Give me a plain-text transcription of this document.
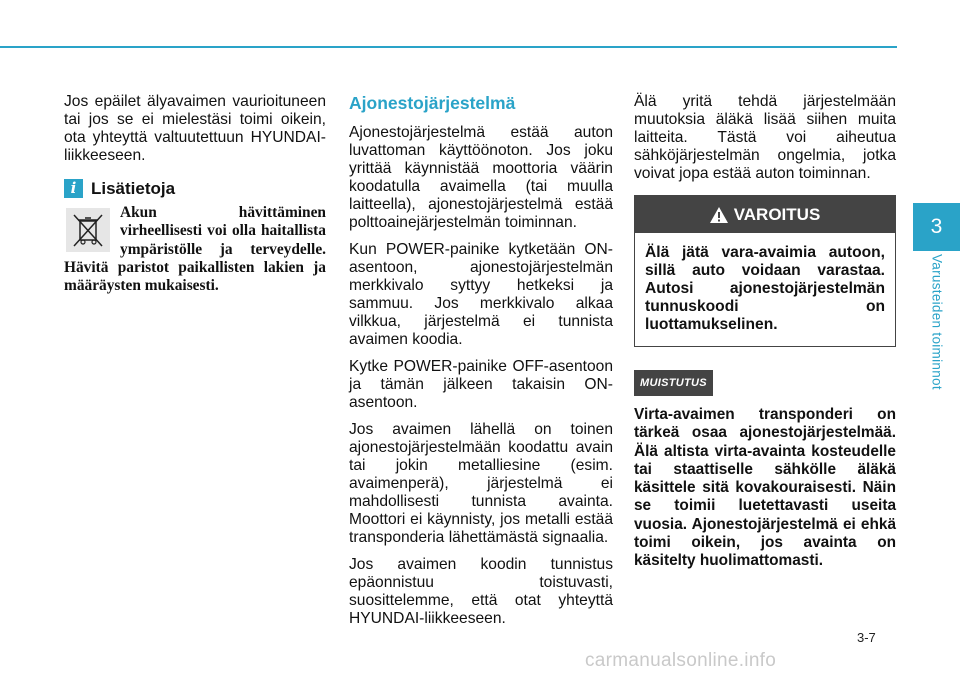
Jos epäilet älyavaimen vaurioituneen tai jos se ei mielestäsi toimi oikein, ota yhteyttä valtuutettuun HYUNDAI-liikkeeseen.

i Lisätietoja
Akun hävittäminen virheellisesti voi olla haitallista ympäristölle ja terveydelle. Hävitä paristot paikallisten lakien ja määräysten mukaisesti.
Ajonestojärjestelmä

Ajonestojärjestelmä estää auton luvattoman käyttöönoton. Jos joku yrittää käynnistää moottoria väärin koodatulla avaimella (tai muulla laitteella), ajonestojärjestelmä estää polttoainejärjestelmän toiminnan.

Kun POWER-painike kytketään ON-asentoon, ajonestojärjestelmän merkkivalo syttyy hetkeksi ja sammuu. Jos merkkivalo alkaa vilkkua, järjestelmä ei tunnista avaimen koodia.

Kytke POWER-painike OFF-asentoon ja tämän jälkeen takaisin ON-asentoon.

Jos avaimen lähellä on toinen ajonestojärjestelmään koodattu avain tai jokin metalliesine (esim. avaimenperä), järjestelmä ei mahdollisesti tunnista avainta. Moottori ei käynnisty, jos metalli estää transponderia lähettämästä signaalia.

Jos avaimen koodin tunnistus epäonnistuu toistuvasti, suosittelemme, että otat yhteyttä HYUNDAI-liikkeeseen.

Älä yritä tehdä järjestelmään muutoksia äläkä lisää siihen muita laitteita. Tästä voi aiheutua sähköjärjestelmän ongelmia, jotka voivat jopa estää auton toiminnan.

VAROITUS
Älä jätä vara-avaimia autoon, sillä auto voidaan varastaa. Autosi ajonestojärjestelmän tunnuskoodi on luottamukselinen.
MUISTUTUS
Virta-avaimen transponderi on tärkeä osaa ajonestojärjestelmää. Älä altista virta-avainta kosteudelle tai staattiselle sähkölle äläkä käsittele sitä kovakouraisesti. Näin se toimii luetettavasti useita vuosia. Ajonestojärjestelmä ei ehkä toimi oikein, jos avainta on käsitelty huolimattomasti.
3
Varusteiden toiminnot
3-7
carmanualsonline.info
